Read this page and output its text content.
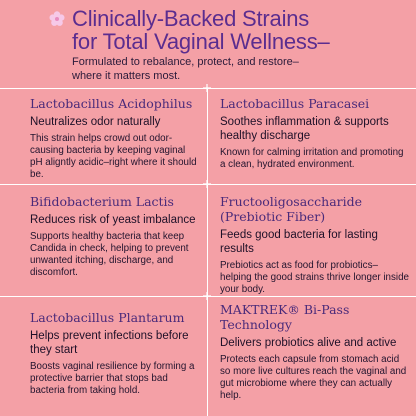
Clinically-Backed Strains
for Total Vaginal Wellness–
Formulated to rebalance, protect, and restore–
where it matters most.
Lactobacillus Acidophilus
Neutralizes odor naturally
This strain helps crowd out odor-causing bacteria by keeping vaginal pH aligntly acidic–right where it should be.
Lactobacillus Paracasei
Soothes inflammation & supports healthy discharge
Known for calming irritation and promoting a clean, hydrated environment.
Bifidobacterium Lactis
Reduces risk of yeast imbalance
Supports healthy bacteria that keep Candida in check, helping to prevent unwanted itching, discharge, and discomfort.
Fructooligosaccharide (Prebiotic Fiber)
Feeds good bacteria for lasting results
Prebiotics act as food for probiotics– helping the good strains thrive longer inside your body.
Lactobacillus Plantarum
Helps prevent infections before they start
Boosts vaginal resilience by forming a protective barrier that stops bad bacteria from taking hold.
MAKTREK® Bi-Pass Technology
Delivers probiotics alive and active
Protects each capsule from stomach acid so more live cultures reach the vaginal and gut microbiome where they can actually help.
